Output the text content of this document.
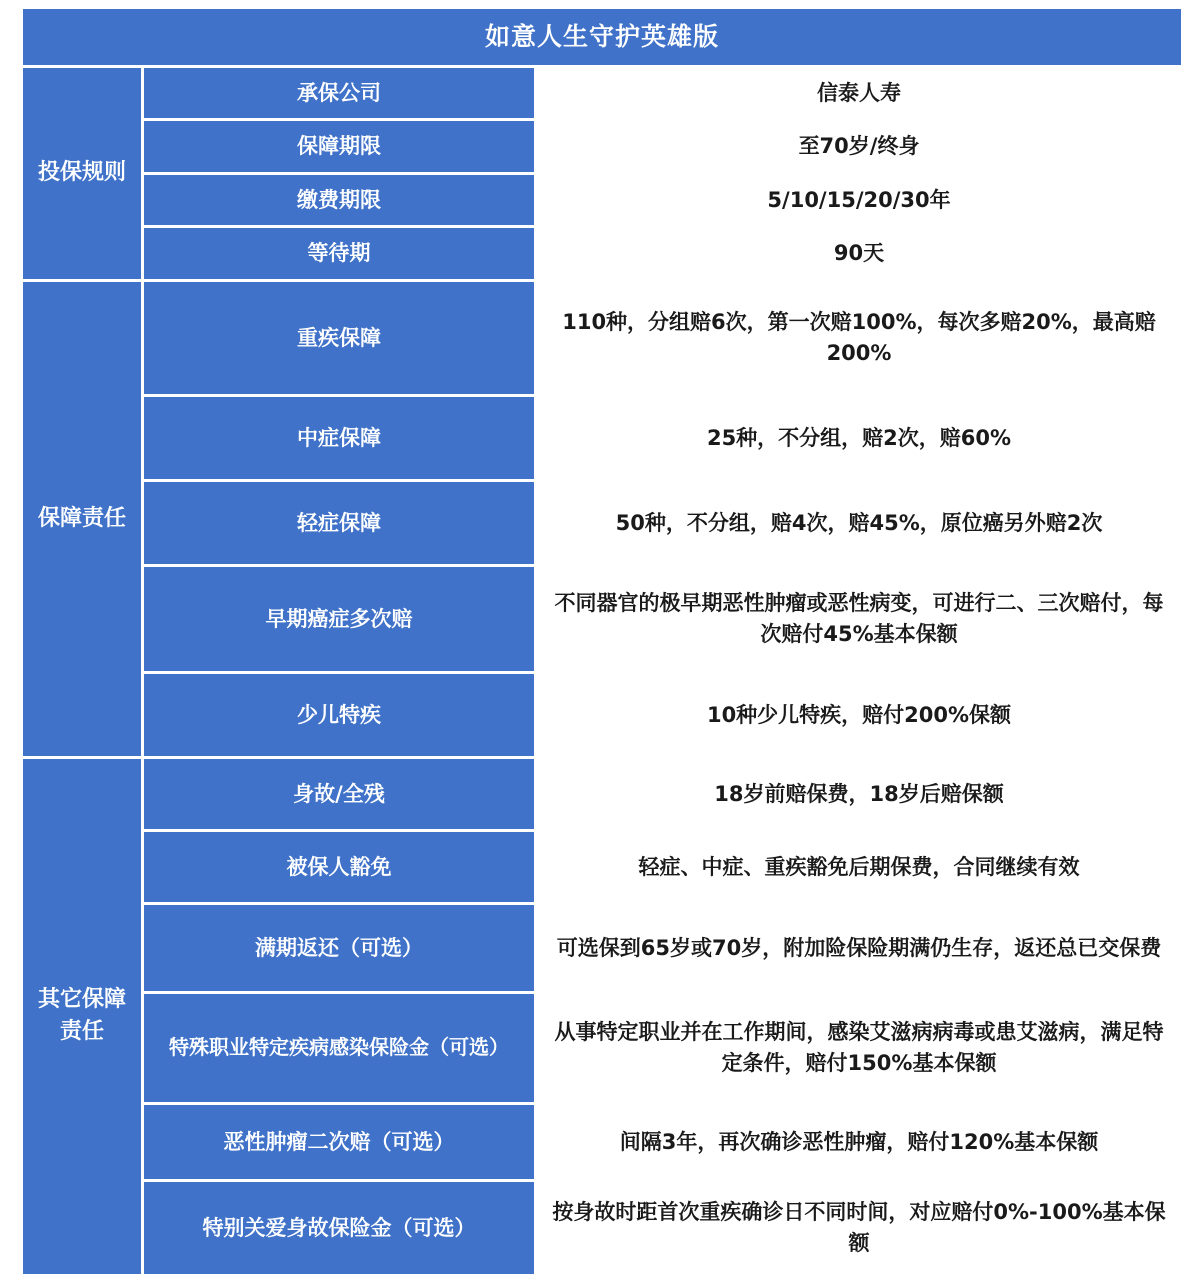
如意人生守护英雄版		
投保规则	承保公司	信泰人寿
	保障期限	至70岁/终身
	缴费期限	5/10/15/20/30年
	等待期	90天
保障责任	重疾保障	110种，分组赔6次，第一次赔100%，每次多赔20%，最高赔200%
	中症保障	25种，不分组，赔2次，赔60%
	轻症保障	50种，不分组，赔4次，赔45%，原位癌另外赔2次
	早期癌症多次赔	不同器官的极早期恶性肿瘤或恶性病变，可进行二、三次赔付，每次赔付45%基本保额
	少儿特疾	10种少儿特疾，赔付200%保额
其它保障责任	身故/全残	18岁前赔保费，18岁后赔保额
	被保人豁免	轻症、中症、重疾豁免后期保费，合同继续有效
	满期返还（可选）	可选保到65岁或70岁，附加险保险期满仍生存，返还总已交保费
	特殊职业特定疾病感染保险金（可选）	从事特定职业并在工作期间，感染艾滋病病毒或患艾滋病，满足特定条件，赔付150%基本保额
	恶性肿瘤二次赔（可选）	间隔3年，再次确诊恶性肿瘤，赔付120%基本保额
	特别关爱身故保险金（可选）	按身故时距首次重疾确诊日不同时间，对应赔付0%-100%基本保额
